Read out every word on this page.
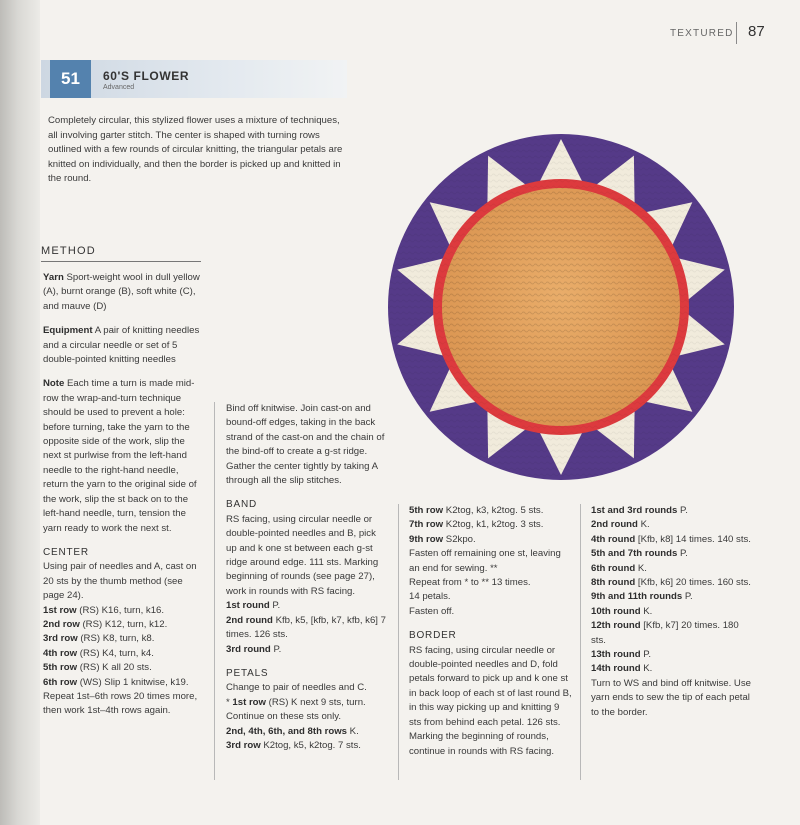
TEXTURED 87
51	60'S FLOWER
Advanced

Completely circular, this stylized flower uses a mixture of techniques, all involving garter stitch. The center is shaped with turning rows outlined with a few rounds of circular knitting, the triangular petals are knitted on individually, and then the border is picked up and knitted in the round.

METHOD

Yarn Sport-weight wool in dull yellow (A), burnt orange (B), soft white (C), and mauve (D)

Equipment A pair of knitting needles and a circular needle or set of 5 double-pointed knitting needles

Note Each time a turn is made mid-row the wrap-and-turn technique should be used to prevent a hole: before turning, take the yarn to the opposite side of the work, slip the next st purlwise from the left-hand needle to the right-hand needle, return the yarn to the original side of the work, slip the st back on to the left-hand needle, turn, tension the yarn ready to work the next st.

CENTER

Using pair of needles and A, cast on 20 sts by the thumb method (see page 24).

1st row (RS) K16, turn, k16.

2nd row (RS) K12, turn, k12.

3rd row (RS) K8, turn, k8.

4th row (RS) K4, turn, k4.

5th row (RS) K all 20 sts.

6th row (WS) Slip 1 knitwise, k19.

Repeat 1st–6th rows 20 times more, then work 1st–4th rows again.

Bind off knitwise. Join cast-on and bound-off edges, taking in the back strand of the cast-on and the chain of the bind-off to create a g-st ridge.

Gather the center tightly by taking A through all the slip stitches.

BAND

RS facing, using circular needle or double-pointed needles and B, pick up and k one st between each g-st ridge around edge. 111 sts. Marking beginning of rounds (see page 27), work in rounds with RS facing.

1st round P.

2nd round Kfb, k5, [kfb, k7, kfb, k6] 7 times. 126 sts.

3rd round P.

PETALS

Change to pair of needles and C.

* 1st row (RS) K next 9 sts, turn.

Continue on these sts only.

2nd, 4th, 6th, and 8th rows K.

3rd row K2tog, k5, k2tog. 7 sts.

5th row K2tog, k3, k2tog. 5 sts.

7th row K2tog, k1, k2tog. 3 sts.

9th row S2kpo.

Fasten off remaining one st, leaving an end for sewing. **

Repeat from * to ** 13 times.

14 petals.

Fasten off.

BORDER

RS facing, using circular needle or double-pointed needles and D, fold petals forward to pick up and k one st in back loop of each st of last round B, in this way picking up and knitting 9 sts from behind each petal. 126 sts.

Marking the beginning of rounds, continue in rounds with RS facing.

1st and 3rd rounds P.

2nd round K.

4th round [Kfb, k8] 14 times. 140 sts.

5th and 7th rounds P.

6th round K.

8th round [Kfb, k6] 20 times. 160 sts.

9th and 11th rounds P.

10th round K.

12th round [Kfb, k7] 20 times. 180 sts.

13th round P.

14th round K.

Turn to WS and bind off knitwise. Use yarn ends to sew the tip of each petal to the border.
